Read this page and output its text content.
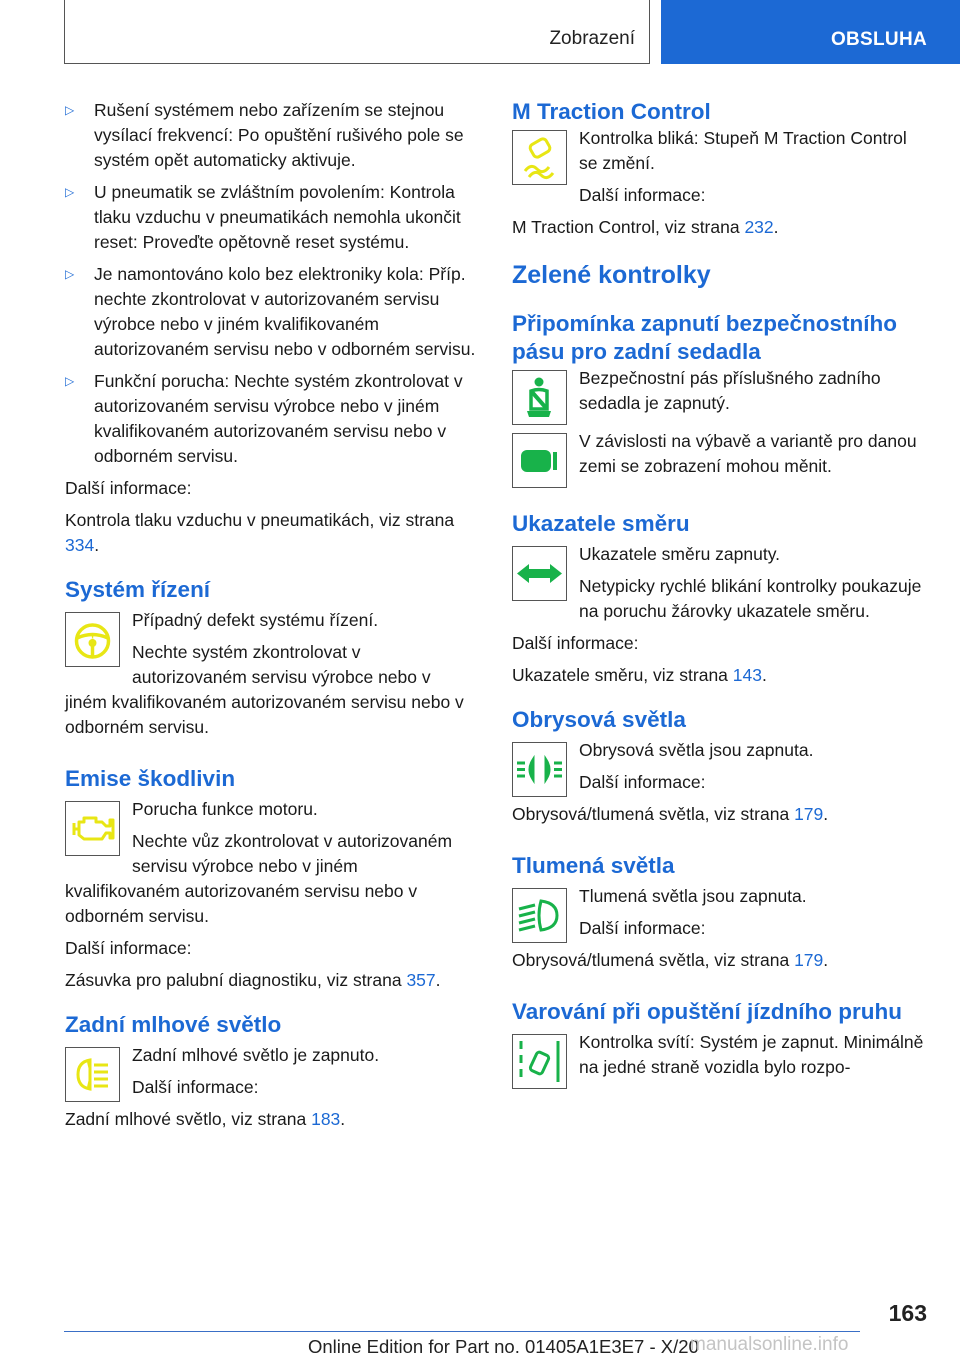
Zobrazení	OBSLUHA
▷ Rušení systémem nebo zařízením se stejnou vysílací frekvencí: Po opuštění rušivého pole se systém opět automaticky aktivuje.
▷ U pneumatik se zvláštním povolením: Kontrola tlaku vzduchu v pneumatikách nemohla ukončit reset: Proveďte opětovně reset systému.
▷ Je namontováno kolo bez elektroniky kola: Příp. nechte zkontrolovat v autorizovaném servisu výrobce nebo v jiném kvalifikovaném autorizovaném servisu nebo v odborném servisu.
▷ Funkční porucha: Nechte systém zkontrolovat v autorizovaném servisu výrobce nebo v jiném kvalifikovaném autorizovaném servisu nebo v odborném servisu.

Další informace:

Kontrola tlaku vzduchu v pneumatikách, viz strana 334.

Systém řízení
!

Případný defekt systému řízení.

Nechte systém zkontrolovat v autorizovaném servisu výrobce nebo v jiném kvalifikovaném autorizovaném servisu nebo v odborném servisu.

Emise škodlivin

Porucha funkce motoru.

Nechte vůz zkontrolovat v autorizovaném servisu výrobce nebo v jiném kvalifikovaném autorizovaném servisu nebo v odborném servisu.

Další informace:

Zásuvka pro palubní diagnostiku, viz strana 357.

Zadní mlhové světlo

Zadní mlhové světlo je zapnuto.

Další informace:

Zadní mlhové světlo, viz strana 183.

M Traction Control

Kontrolka bliká: Stupeň M Traction Control se změní.

Další informace:

M Traction Control, viz strana 232.

Zelené kontrolky
Připomínka zapnutí bezpečnostního pásu pro zadní sedadla

Bezpečnostní pás příslušného zadního sedadla je zapnutý.

V závislosti na výbavě a variantě pro danou zemi se zobrazení mohou měnit.

Ukazatele směru

Ukazatele směru zapnuty.

Netypicky rychlé blikání kontrolky poukazuje na poruchu žárovky ukazatele směru.

Další informace:

Ukazatele směru, viz strana 143.

Obrysová světla

Obrysová světla jsou zapnuta.

Další informace:

Obrysová/tlumená světla, viz strana 179.

Tlumená světla

Tlumená světla jsou zapnuta.

Další informace:

Obrysová/tlumená světla, viz strana 179.

Varování při opuštění jízdního pruhu

Kontrolka svítí: Systém je zapnut. Minimálně na jedné straně vozidla bylo rozpo-

163
Online Edition for Part no. 01405A1E3E7 - X/20
manualsonline.info
